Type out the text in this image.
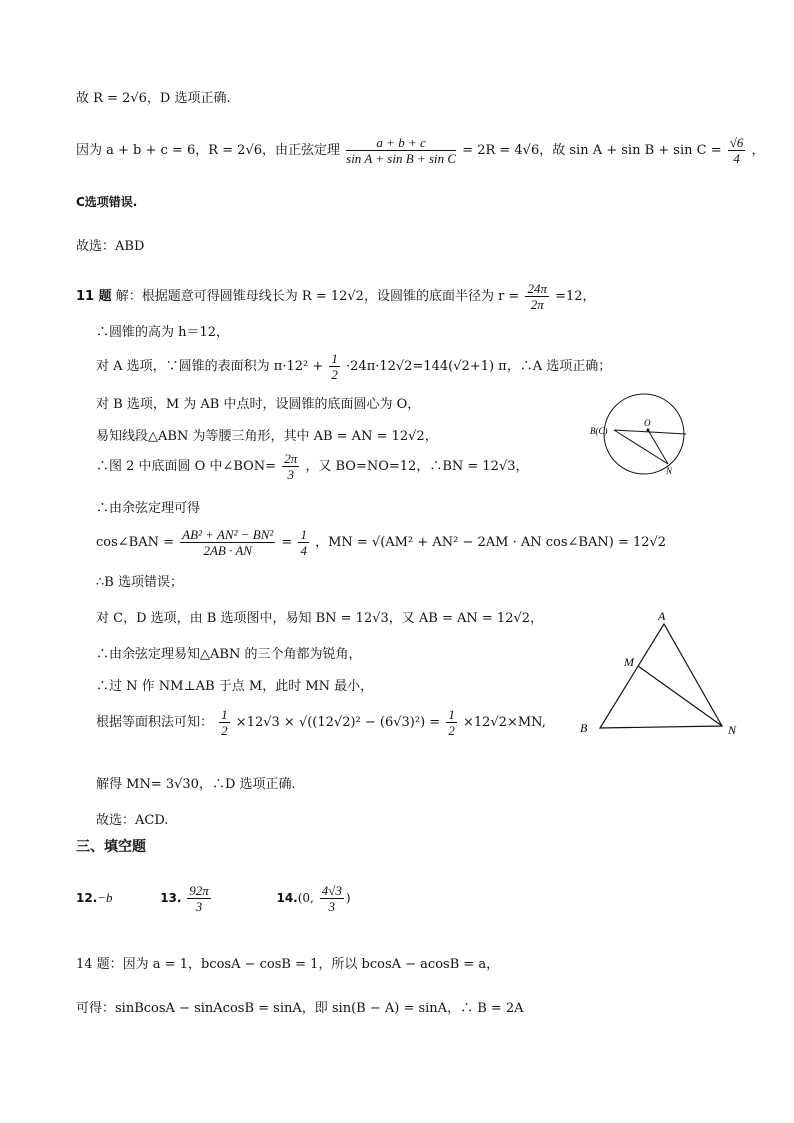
故 R = 2√6，D 选项正确.
因为 a + b + c = 6，R = 2√6，由正弦定理 $\frac{a + b + c}{\text{sin A + sin B + sin C}} = 2R = 4√6$，故 $\sin A + \sin B + \sin C = \frac{√6}{4}$ ，
C选项错误.
故选：ABD
11 题 解：根据题意可得圆锥母线长为 R = 12√2，设圆锥的底面半径为 $r = \frac{24\pi}{2\pi} =12$，
∴圆锥的高为 h＝12，
对 A 选项，∵圆锥的表面积为 $\pi\cdot 12^2 + \frac{1}{2} \cdot 24\pi\cdot 12√2=144(√2+1)$ π，∴A 选项正确；
对 B 选项，M 为 AB 中点时，设圆锥的底面圆心为 O，
易知线段△ABN 为等腰三角形，其中 AB = AN = 12√2，
∴图 2 中底面圆 O 中∠BON= $\frac{2\pi}{3}$ ，又 BO=NO=12，∴BN = 12√3，
∴由余弦定理可得
cos∠BAN = $\frac{\text{AB² + AN² − BN²}}{2AB \cdot AN} = \frac{1}{4}$ ，MN = √(AM² + AN² − 2AM · AN cos∠BAN) = 12√2
∴B 选项错误；
对 C，D 选项，由 B 选项图中，易知 BN = 12√3，又 AB = AN = 12√2，
∴由余弦定理易知△ABN 的三个角都为锐角，
∴过 N 作 NM⊥AB 于点 M，此时 MN 最小，
根据等面积法可知： $\frac{1}{2} \times 12√3 \times √((12√2)^2 - (6√3)^2) = \frac{1}{2} \times 12√2\times MN$,
解得 MN= 3√30，∴D 选项正确.
故选：ACD.
三、填空题
12.−b	13. $\frac{92\pi}{3}$	14.(0, $\frac{4√3}{3}$ )
14 题：因为 a = 1，bcosA − cosB = 1，所以 bcosA − acosB = a，
可得：sinBcosA − sinAcosB = sinA，即 sin(B − A) = sinA，∴ B = 2A
B(C)
O
N
A
M
B	N
